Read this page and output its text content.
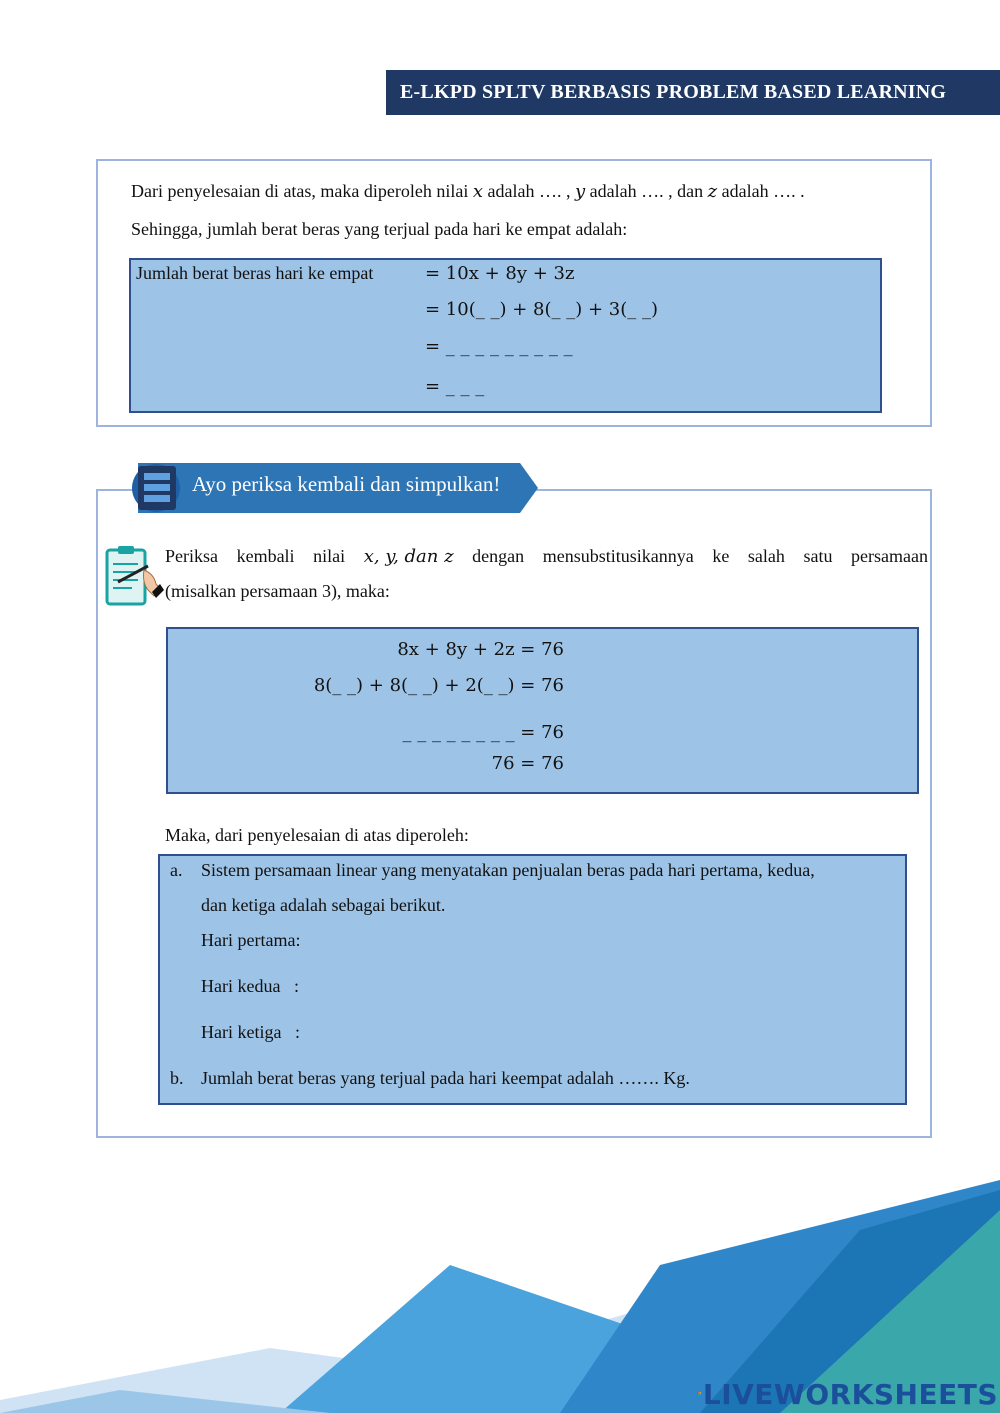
E-LKPD SPLTV BERBASIS PROBLEM BASED LEARNING
Dari penyelesaian di atas, maka diperoleh nilai x adalah …. , y adalah …. , dan z adalah …. .
Sehingga, jumlah berat beras yang terjual pada hari ke empat adalah:
Jumlah berat beras hari ke empat	= 10x + 8y + 3z
= 10(_ _) + 8(_ _) + 3(_ _)
= _ _ _ _ _ _ _ _ _
= _ _ _
Ayo periksa kembali dan simpulkan!
Periksa kembali nilai x, y, dan z dengan mensubstitusikannya ke salah satu persamaan
(misalkan persamaan 3), maka:
8x + 8y + 2z = 76
8(_ _) + 8(_ _) + 2(_ _) = 76
_ _ _ _ _ _ _ _ = 76
76 = 76
Maka, dari penyelesaian di atas diperoleh:
a. Sistem persamaan linear yang menyatakan penjualan beras pada hari pertama, kedua,
dan ketiga adalah sebagai berikut.
Hari pertama:
Hari kedua   :
Hari ketiga   :
b. Jumlah berat beras yang terjual pada hari keempat adalah ……. Kg.
LIVEWORKSHEETS
